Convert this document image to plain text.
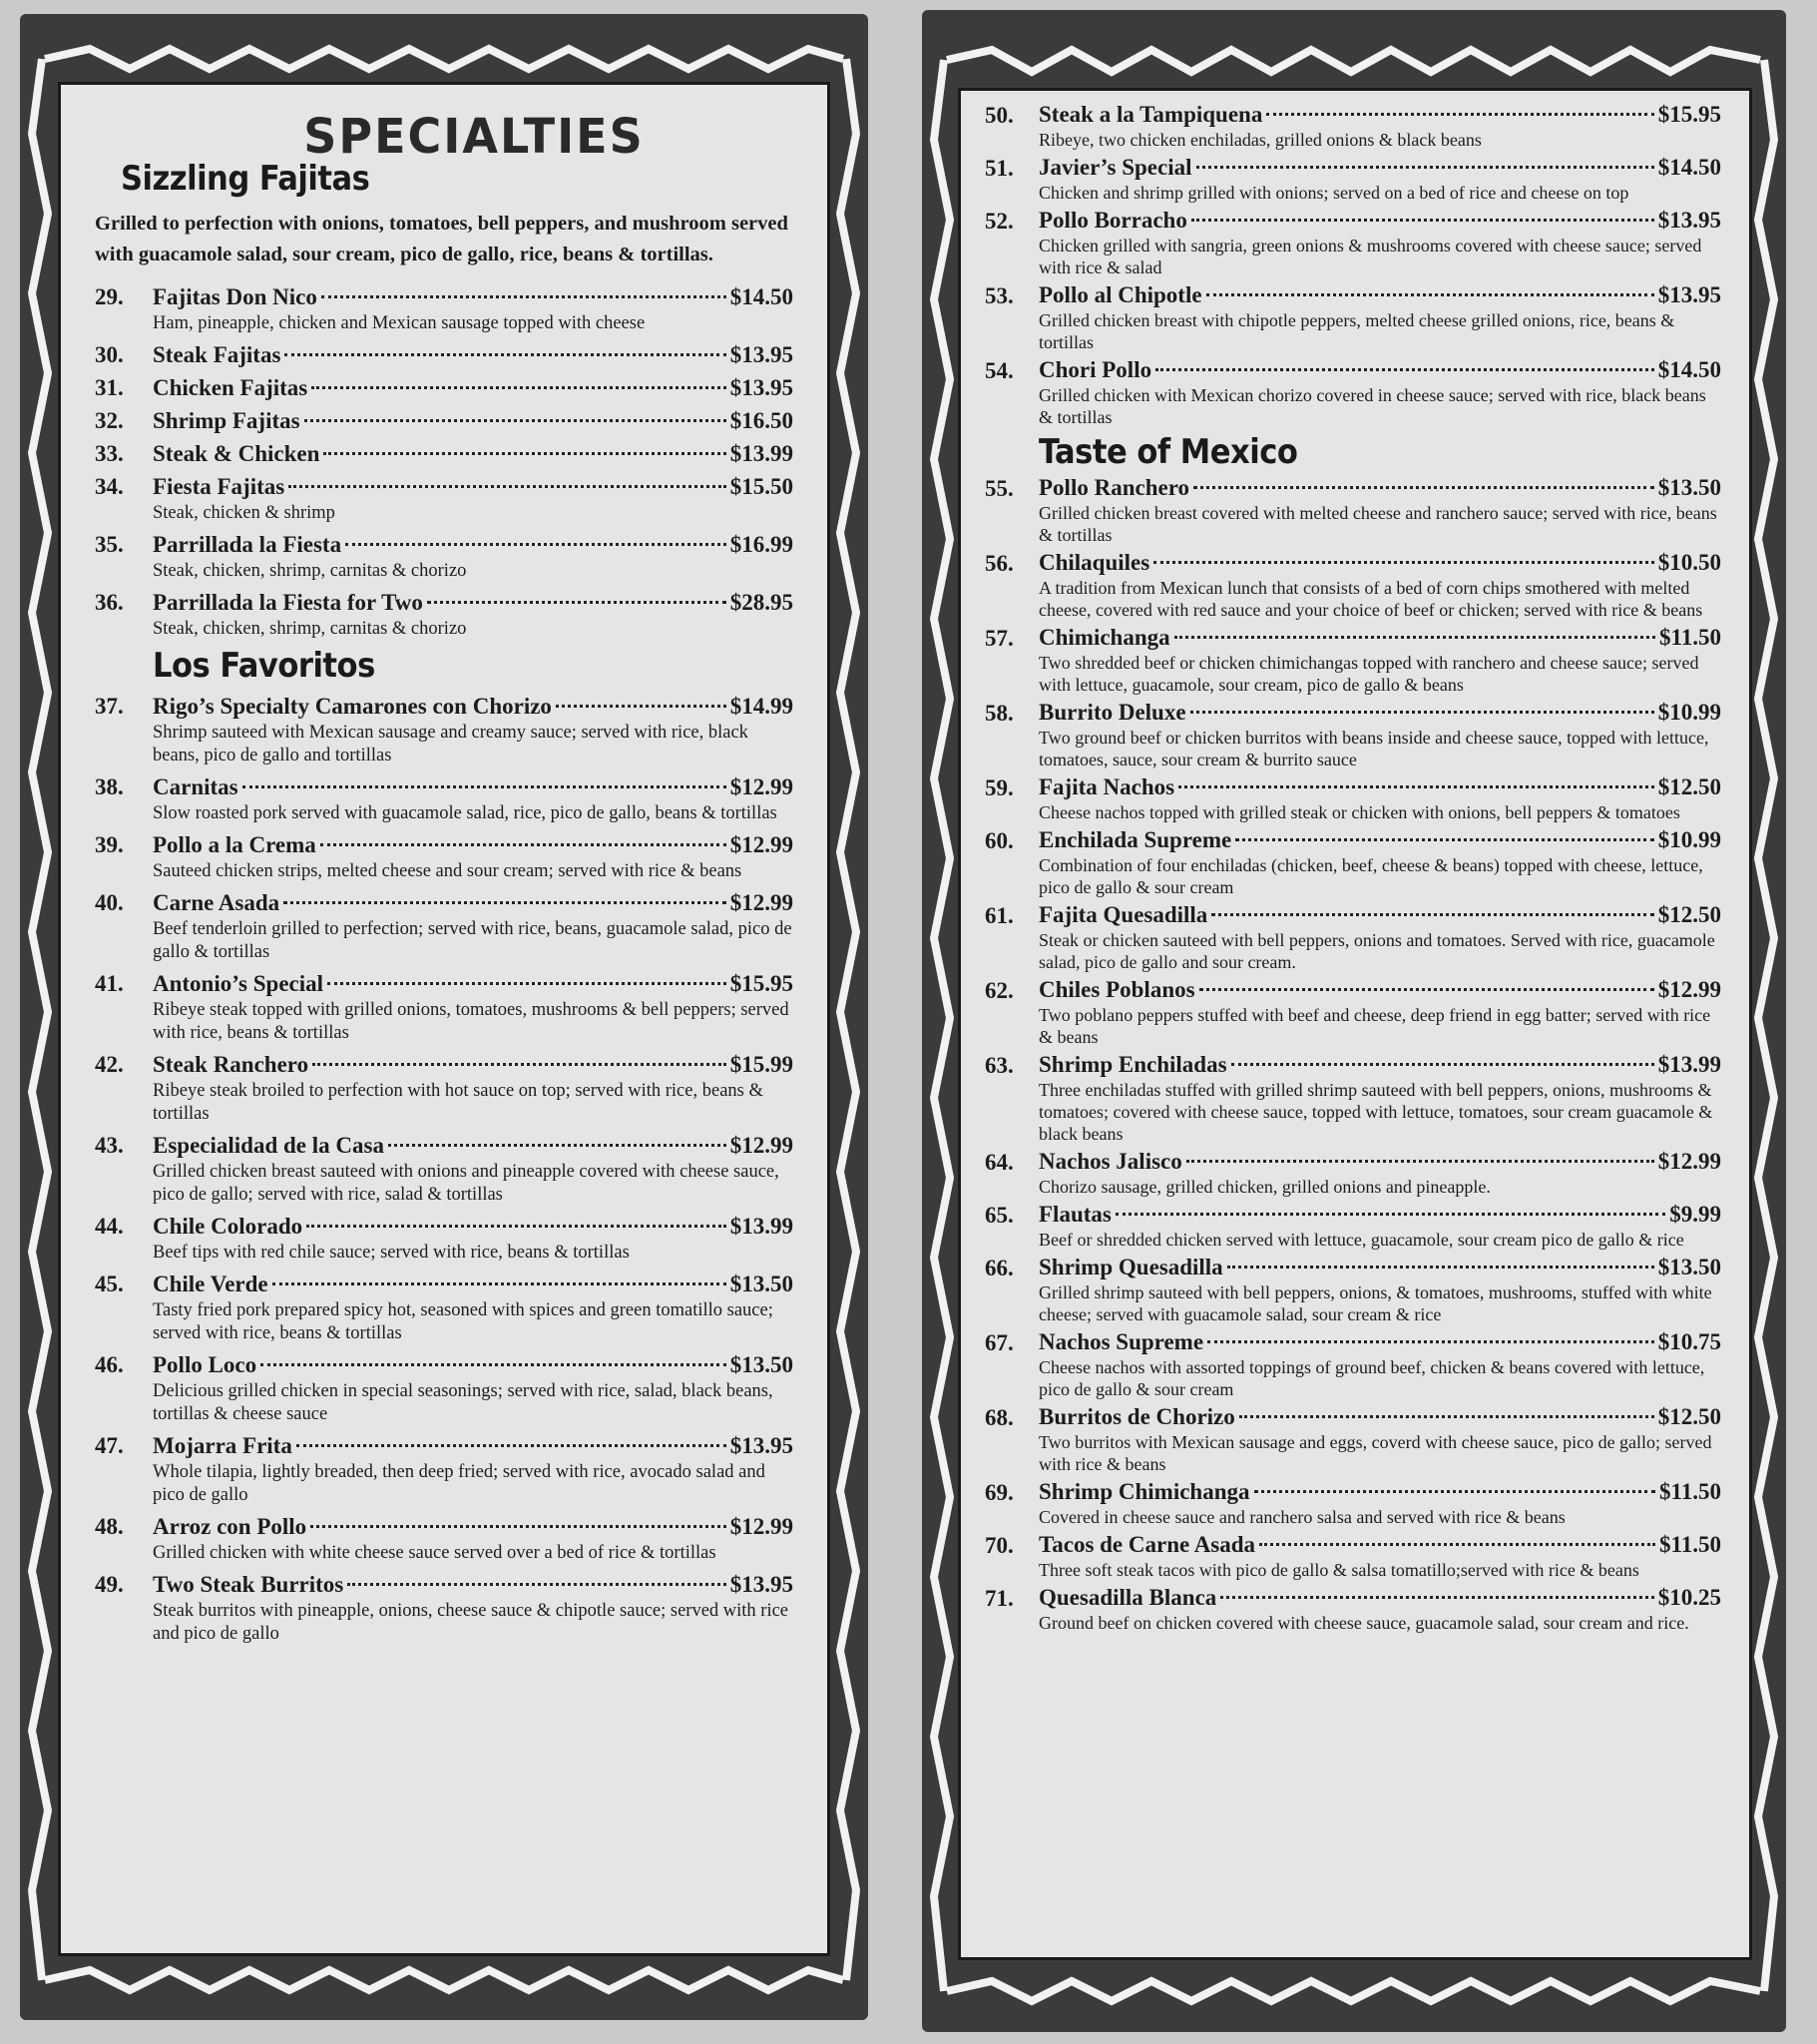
SPECIALTIES
Sizzling Fajitas
Grilled to perfection with onions, tomatoes, bell peppers, and mushroom served with guacamole salad, sour cream, pico de gallo, rice, beans & tortillas.
29.	Fajitas Don Nico	$14.50
Ham, pineapple, chicken and Mexican sausage topped with cheese
30.	Steak Fajitas	$13.95
31.	Chicken Fajitas	$13.95
32.	Shrimp Fajitas	$16.50
33.	Steak & Chicken	$13.99
34.	Fiesta Fajitas	$15.50
Steak, chicken & shrimp
35.	Parrillada la Fiesta	$16.99
Steak, chicken, shrimp, carnitas & chorizo
36.	Parrillada la Fiesta for Two	$28.95
Steak, chicken, shrimp, carnitas & chorizo
Los Favoritos
37.	Rigo’s Specialty Camarones con Chorizo	$14.99
Shrimp sauteed with Mexican sausage and creamy sauce; served with rice, black beans, pico de gallo and tortillas
38.	Carnitas	$12.99
Slow roasted pork served with guacamole salad, rice, pico de gallo, beans & tortillas
39.	Pollo a la Crema	$12.99
Sauteed chicken strips, melted cheese and sour cream; served with rice & beans
40.	Carne Asada	$12.99
Beef tenderloin grilled to perfection; served with rice, beans, guacamole salad, pico de gallo & tortillas
41.	Antonio’s Special	$15.95
Ribeye steak topped with grilled onions, tomatoes, mushrooms & bell peppers; served with rice, beans & tortillas
42.	Steak Ranchero	$15.99
Ribeye steak broiled to perfection with hot sauce on top; served with rice, beans & tortillas
43.	Especialidad de la Casa	$12.99
Grilled chicken breast sauteed with onions and pineapple covered with cheese sauce, pico de gallo; served with rice, salad & tortillas
44.	Chile Colorado	$13.99
Beef tips with red chile sauce; served with rice, beans & tortillas
45.	Chile Verde	$13.50
Tasty fried pork prepared spicy hot, seasoned with spices and green tomatillo sauce; served with rice, beans & tortillas
46.	Pollo Loco	$13.50
Delicious grilled chicken in special seasonings; served with rice, salad, black beans, tortillas & cheese sauce
47.	Mojarra Frita	$13.95
Whole tilapia, lightly breaded, then deep fried; served with rice, avocado salad and pico de gallo
48.	Arroz con Pollo	$12.99
Grilled chicken with white cheese sauce served over a bed of rice & tortillas
49.	Two Steak Burritos	$13.95
Steak burritos with pineapple, onions, cheese sauce & chipotle sauce; served with rice and pico de gallo
50.	Steak a la Tampiquena	$15.95
Ribeye, two chicken enchiladas, grilled onions & black beans
51.	Javier’s Special	$14.50
Chicken and shrimp grilled with onions; served on a bed of rice and cheese on top
52.	Pollo Borracho	$13.95
Chicken grilled with sangria, green onions & mushrooms covered with cheese sauce; served with rice & salad
53.	Pollo al Chipotle	$13.95
Grilled chicken breast with chipotle peppers, melted cheese grilled onions, rice, beans & tortillas
54.	Chori Pollo	$14.50
Grilled chicken with Mexican chorizo covered in cheese sauce; served with rice, black beans & tortillas
Taste of Mexico
55.	Pollo Ranchero	$13.50
Grilled chicken breast covered with melted cheese and ranchero sauce; served with rice, beans & tortillas
56.	Chilaquiles	$10.50
A tradition from Mexican lunch that consists of a bed of corn chips smothered with melted cheese, covered with red sauce and your choice of beef or chicken; served with rice & beans
57.	Chimichanga	$11.50
Two shredded beef or chicken chimichangas topped with ranchero and cheese sauce; served with lettuce, guacamole, sour cream, pico de gallo & beans
58.	Burrito Deluxe	$10.99
Two ground beef or chicken burritos with beans inside and cheese sauce, topped with lettuce, tomatoes, sauce, sour cream & burrito sauce
59.	Fajita Nachos	$12.50
Cheese nachos topped with grilled steak or chicken with onions, bell peppers & tomatoes
60.	Enchilada Supreme	$10.99
Combination of four enchiladas (chicken, beef, cheese & beans) topped with cheese, lettuce, pico de gallo & sour cream
61.	Fajita Quesadilla	$12.50
Steak or chicken sauteed with bell peppers, onions and tomatoes. Served with rice, guacamole salad, pico de gallo and sour cream.
62.	Chiles Poblanos	$12.99
Two poblano peppers stuffed with beef and cheese, deep friend in egg batter; served with rice & beans
63.	Shrimp Enchiladas	$13.99
Three enchiladas stuffed with grilled shrimp sauteed with bell peppers, onions, mushrooms & tomatoes; covered with cheese sauce, topped with lettuce, tomatoes, sour cream guacamole & black beans
64.	Nachos Jalisco	$12.99
Chorizo sausage, grilled chicken, grilled onions and pineapple.
65.	Flautas	$9.99
Beef or shredded chicken served with lettuce, guacamole, sour cream pico de gallo & rice
66.	Shrimp Quesadilla	$13.50
Grilled shrimp sauteed with bell peppers, onions, & tomatoes, mushrooms, stuffed with white cheese; served with guacamole salad, sour cream & rice
67.	Nachos Supreme	$10.75
Cheese nachos with assorted toppings of ground beef, chicken & beans covered with lettuce, pico de gallo & sour cream
68.	Burritos de Chorizo	$12.50
Two burritos with Mexican sausage and eggs, coverd with cheese sauce, pico de gallo; served with rice & beans
69.	Shrimp Chimichanga	$11.50
Covered in cheese sauce and ranchero salsa and served with rice & beans
70.	Tacos de Carne Asada	$11.50
Three soft steak tacos with pico de gallo & salsa tomatillo;served with rice & beans
71.	Quesadilla Blanca	$10.25
Ground beef on chicken covered with cheese sauce, guacamole salad, sour cream and rice.
